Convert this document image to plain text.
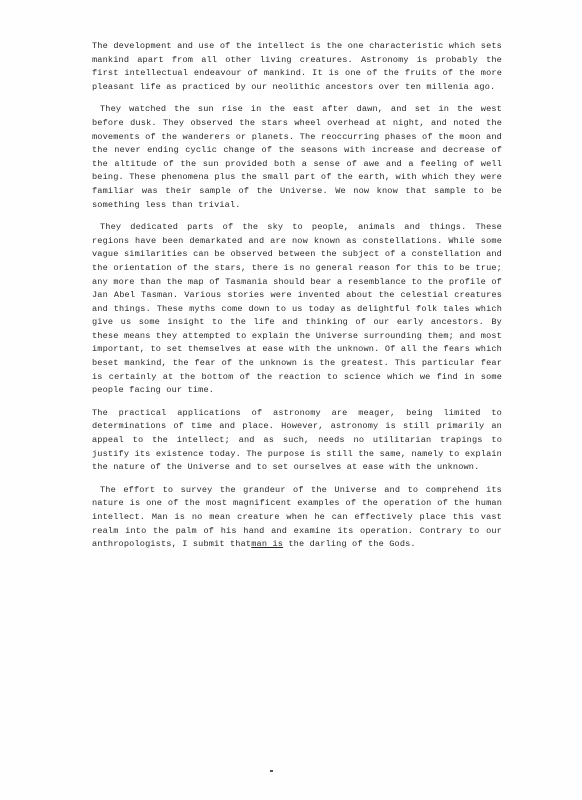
The development and use of the intellect is the one characteristic which sets mankind apart from all other living creatures. Astronomy is probably the first intellectual endeavour of mankind. It is one of the fruits of the more pleasant life as practiced by our neolithic ancestors over ten millenia ago.

They watched the sun rise in the east after dawn, and set in the west before dusk. They observed the stars wheel overhead at night, and noted the movements of the wanderers or planets. The reoccurring phases of the moon and the never ending cyclic change of the seasons with increase and decrease of the altitude of the sun provided both a sense of awe and a feeling of well being. These phenomena plus the small part of the earth, with which they were familiar was their sample of the Universe. We now know that sample to be something less than trivial.

They dedicated parts of the sky to people, animals and things. These regions have been demarkated and are now known as constellations. While some vague similarities can be observed between the subject of a constellation and the orientation of the stars, there is no general reason for this to be true; any more than the map of Tasmania should bear a resemblance to the profile of Jan Abel Tasman. Various stories were invented about the celestial creatures and things. These myths come down to us today as delightful folk tales which give us some insight to the life and thinking of our early ancestors. By these means they attempted to explain the Universe surrounding them; and most important, to set themselves at ease with the unknown. Of all the fears which beset mankind, the fear of the unknown is the greatest. This particular fear is certainly at the bottom of the reaction to science which we find in some people facing our time.

The practical applications of astronomy are meager, being limited to determinations of time and place. However, astronomy is still primarily an appeal to the intellect; and as such, needs no utilitarian trapings to justify its existence today. The purpose is still the same, namely to explain the nature of the Universe and to set ourselves at ease with the unknown.

The effort to survey the grandeur of the Universe and to comprehend its nature is one of the most magnificent examples of the operation of the human intellect. Man is no mean creature when he can effectively place this vast realm into the palm of his hand and examine its operation. Contrary to our anthropologists, I submit thatman is the darling of the Gods.
